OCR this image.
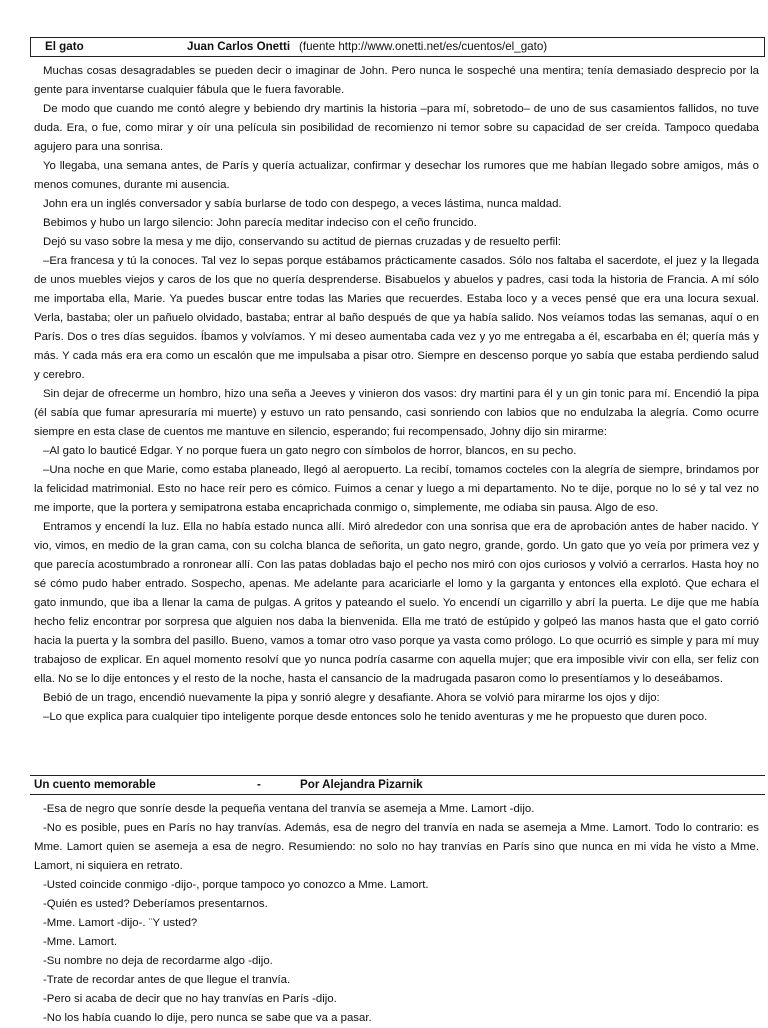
El gato	Juan Carlos Onetti (fuente http://www.onetti.net/es/cuentos/el_gato)

Muchas cosas desagradables se pueden decir o imaginar de John. Pero nunca le sospeché una mentira; tenía demasiado desprecio por la gente para inventarse cualquier fábula que le fuera favorable.

De modo que cuando me contó alegre y bebiendo dry martinis la historia –para mí, sobretodo– de uno de sus casamientos fallidos, no tuve duda. Era, o fue, como mirar y oír una película sin posibilidad de recomienzo ni temor sobre su capacidad de ser creída. Tampoco quedaba agujero para una sonrisa.

Yo llegaba, una semana antes, de París y quería actualizar, confirmar y desechar los rumores que me habían llegado sobre amigos, más o menos comunes, durante mi ausencia.

John era un inglés conversador y sabía burlarse de todo con despego, a veces lástima, nunca maldad.

Bebimos y hubo un largo silencio: John parecía meditar indeciso con el ceño fruncido.

Dejó su vaso sobre la mesa y me dijo, conservando su actitud de piernas cruzadas y de resuelto perfil:

–Era francesa y tú la conoces. Tal vez lo sepas porque estábamos prácticamente casados. Sólo nos faltaba el sacerdote, el juez y la llegada de unos muebles viejos y caros de los que no quería desprenderse. Bisabuelos y abuelos y padres, casi toda la historia de Francia. A mí sólo me importaba ella, Marie. Ya puedes buscar entre todas las Maries que recuerdes. Estaba loco y a veces pensé que era una locura sexual. Verla, bastaba; oler un pañuelo olvidado, bastaba; entrar al baño después de que ya había salido. Nos veíamos todas las semanas, aquí o en París. Dos o tres días seguidos. Íbamos y volvíamos. Y mi deseo aumentaba cada vez y yo me entregaba a él, escarbaba en él; quería más y más. Y cada más era era como un escalón que me impulsaba a pisar otro. Siempre en descenso porque yo sabía que estaba perdiendo salud y cerebro.

Sin dejar de ofrecerme un hombro, hizo una seña a Jeeves y vinieron dos vasos: dry martini para él y un gin tonic para mí. Encendió la pipa (él sabía que fumar apresuraría mi muerte) y estuvo un rato pensando, casi sonriendo con labios que no endulzaba la alegría. Como ocurre siempre en esta clase de cuentos me mantuve en silencio, esperando; fui recompensado, Johny dijo sin mirarme:

–Al gato lo bauticé Edgar. Y no porque fuera un gato negro con símbolos de horror, blancos, en su pecho.

–Una noche en que Marie, como estaba planeado, llegó al aeropuerto. La recibí, tomamos cocteles con la alegría de siempre, brindamos por la felicidad matrimonial. Esto no hace reír pero es cómico. Fuimos a cenar y luego a mi departamento. No te dije, porque no lo sé y tal vez no me importe, que la portera y semipatrona estaba encaprichada conmigo o, simplemente, me odiaba sin pausa. Algo de eso.

Entramos y encendí la luz. Ella no había estado nunca allí. Miró alrededor con una sonrisa que era de aprobación antes de haber nacido. Y vio, vimos, en medio de la gran cama, con su colcha blanca de señorita, un gato negro, grande, gordo. Un gato que yo veía por primera vez y que parecía acostumbrado a ronronear allí. Con las patas dobladas bajo el pecho nos miró con ojos curiosos y volvió a cerrarlos. Hasta hoy no sé cómo pudo haber entrado. Sospecho, apenas. Me adelante para acariciarle el lomo y la garganta y entonces ella explotó. Que echara el gato inmundo, que iba a llenar la cama de pulgas. A gritos y pateando el suelo. Yo encendí un cigarrillo y abrí la puerta. Le dije que me había hecho feliz encontrar por sorpresa que alguien nos daba la bienvenida. Ella me trató de estúpido y golpeó las manos hasta que el gato corrió hacia la puerta y la sombra del pasillo. Bueno, vamos a tomar otro vaso porque ya vasta como prólogo. Lo que ocurrió es simple y para mí muy trabajoso de explicar. En aquel momento resolví que yo nunca podría casarme con aquella mujer; que era imposible vivir con ella, ser feliz con ella. No se lo dije entonces y el resto de la noche, hasta el cansancio de la madrugada pasaron como lo presentíamos y lo deseábamos.

Bebió de un trago, encendió nuevamente la pipa y sonrió alegre y desafiante. Ahora se volvió para mirarme los ojos y dijo:

–Lo que explica para cualquier tipo inteligente porque desde entonces solo he tenido aventuras y me he propuesto que duren poco.

Un cuento memorable	-	Por Alejandra Pizarnik

-Esa de negro que sonríe desde la pequeña ventana del tranvía se asemeja a Mme. Lamort -dijo.

-No es posible, pues en París no hay tranvías. Además, esa de negro del tranvía en nada se asemeja a Mme. Lamort. Todo lo contrario: es Mme. Lamort quien se asemeja a esa de negro. Resumiendo: no solo no hay tranvías en París sino que nunca en mi vida he visto a Mme. Lamort, ni siquiera en retrato.

-Usted coincide conmigo -dijo-, porque tampoco yo conozco a Mme. Lamort.

-Quién es usted? Deberíamos presentarnos.

-Mme. Lamort -dijo-. ¨Y usted?

-Mme. Lamort.

-Su nombre no deja de recordarme algo -dijo.

-Trate de recordar antes de que llegue el tranvía.

-Pero si acaba de decir que no hay tranvías en París -dijo.

-No los había cuando lo dije, pero nunca se sabe que va a pasar.
